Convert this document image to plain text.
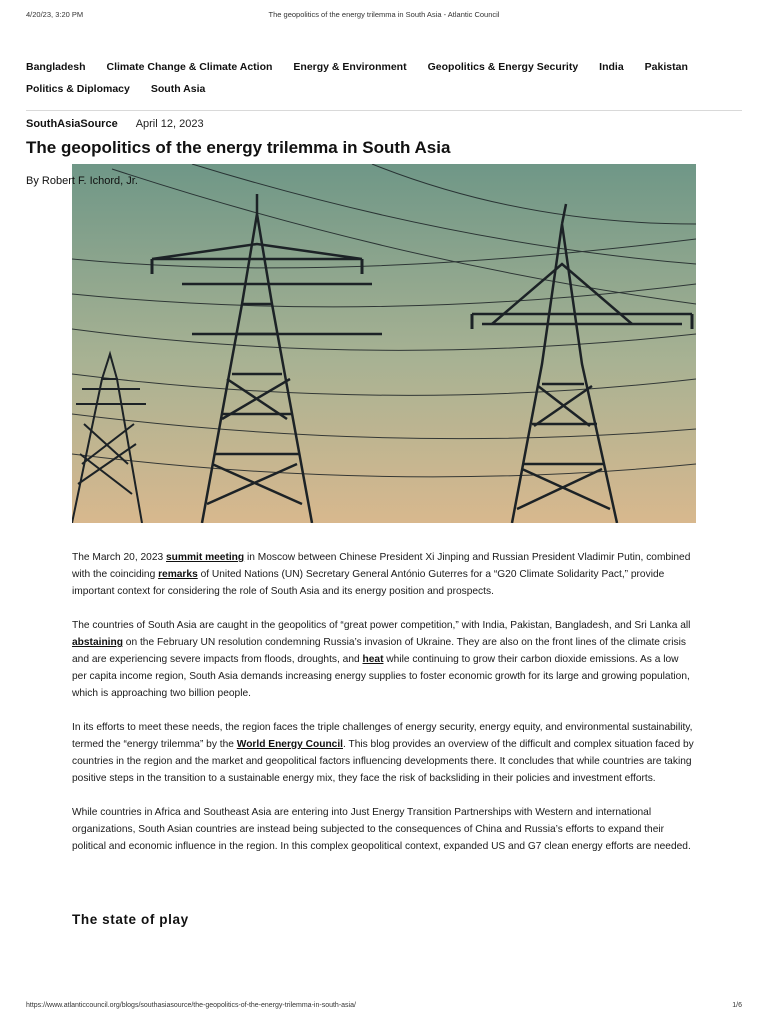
4/20/23, 3:20 PM	The geopolitics of the energy trilemma in South Asia - Atlantic Council
Bangladesh Climate Change & Climate Action Energy & Environment Geopolitics & Energy Security India Pakistan
Politics & Diplomacy South Asia
SouthAsiaSource April 12, 2023
The geopolitics of the energy trilemma in South Asia
By Robert F. Ichord, Jr.

The March 20, 2023 summit meeting in Moscow between Chinese President Xi Jinping and Russian President Vladimir Putin, combined with the coinciding remarks of United Nations (UN) Secretary General António Guterres for a “G20 Climate Solidarity Pact,” provide important context for considering the role of South Asia and its energy position and prospects.

The countries of South Asia are caught in the geopolitics of “great power competition,” with India, Pakistan, Bangladesh, and Sri Lanka all abstaining on the February UN resolution condemning Russia’s invasion of Ukraine. They are also on the front lines of the climate crisis and are experiencing severe impacts from floods, droughts, and heat while continuing to grow their carbon dioxide emissions. As a low per capita income region, South Asia demands increasing energy supplies to foster economic growth for its large and growing population, which is approaching two billion people.

In its efforts to meet these needs, the region faces the triple challenges of energy security, energy equity, and environmental sustainability, termed the “energy trilemma” by the World Energy Council. This blog provides an overview of the difficult and complex situation faced by countries in the region and the market and geopolitical factors influencing developments there. It concludes that while countries are taking positive steps in the transition to a sustainable energy mix, they face the risk of backsliding in their policies and investment efforts.

While countries in Africa and Southeast Asia are entering into Just Energy Transition Partnerships with Western and international organizations, South Asian countries are instead being subjected to the consequences of China and Russia’s efforts to expand their political and economic influence in the region. In this complex geopolitical context, expanded US and G7 clean energy efforts are needed.

The state of play
https://www.atlanticcouncil.org/blogs/southasiasource/the-geopolitics-of-the-energy-trilemma-in-south-asia/	1/6
